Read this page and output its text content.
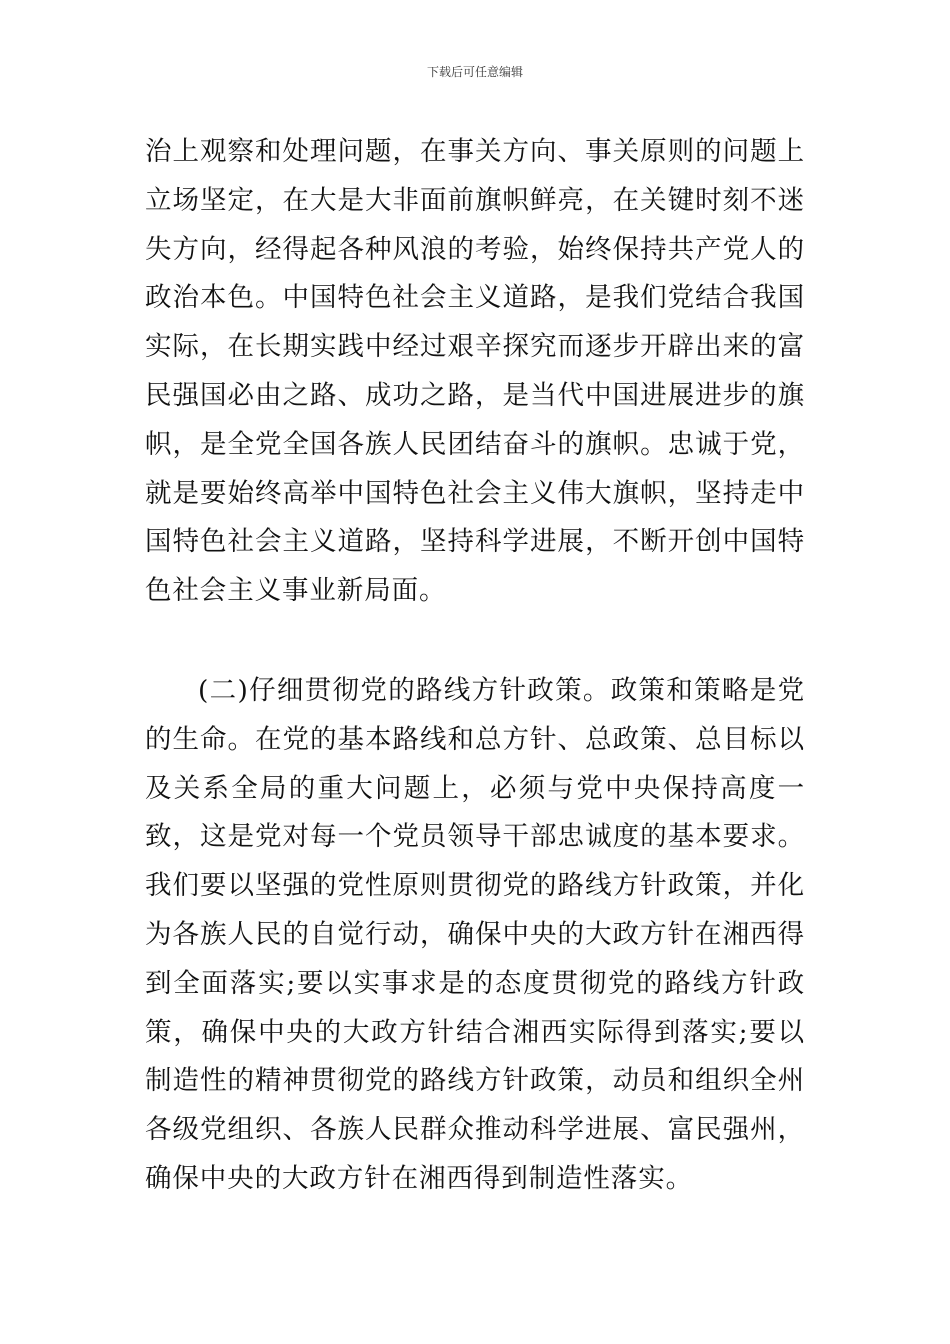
下载后可任意编辑

治上观察和处理问题，在事关方向、事关原则的问题上立场坚定，在大是大非面前旗帜鲜亮，在关键时刻不迷失方向，经得起各种风浪的考验，始终保持共产党人的政治本色。中国特色社会主义道路，是我们党结合我国实际，在长期实践中经过艰辛探究而逐步开辟出来的富民强国必由之路、成功之路，是当代中国进展进步的旗帜，是全党全国各族人民团结奋斗的旗帜。忠诚于党，就是要始终高举中国特色社会主义伟大旗帜，坚持走中国特色社会主义道路，坚持科学进展，不断开创中国特色社会主义事业新局面。

(二)仔细贯彻党的路线方针政策。政策和策略是党的生命。在党的基本路线和总方针、总政策、总目标以及关系全局的重大问题上，必须与党中央保持高度一致，这是党对每一个党员领导干部忠诚度的基本要求。我们要以坚强的党性原则贯彻党的路线方针政策，并化为各族人民的自觉行动，确保中央的大政方针在湘西得到全面落实;要以实事求是的态度贯彻党的路线方针政策，确保中央的大政方针结合湘西实际得到落实;要以制造性的精神贯彻党的路线方针政策，动员和组织全州各级党组织、各族人民群众推动科学进展、富民强州，确保中央的大政方针在湘西得到制造性落实。
